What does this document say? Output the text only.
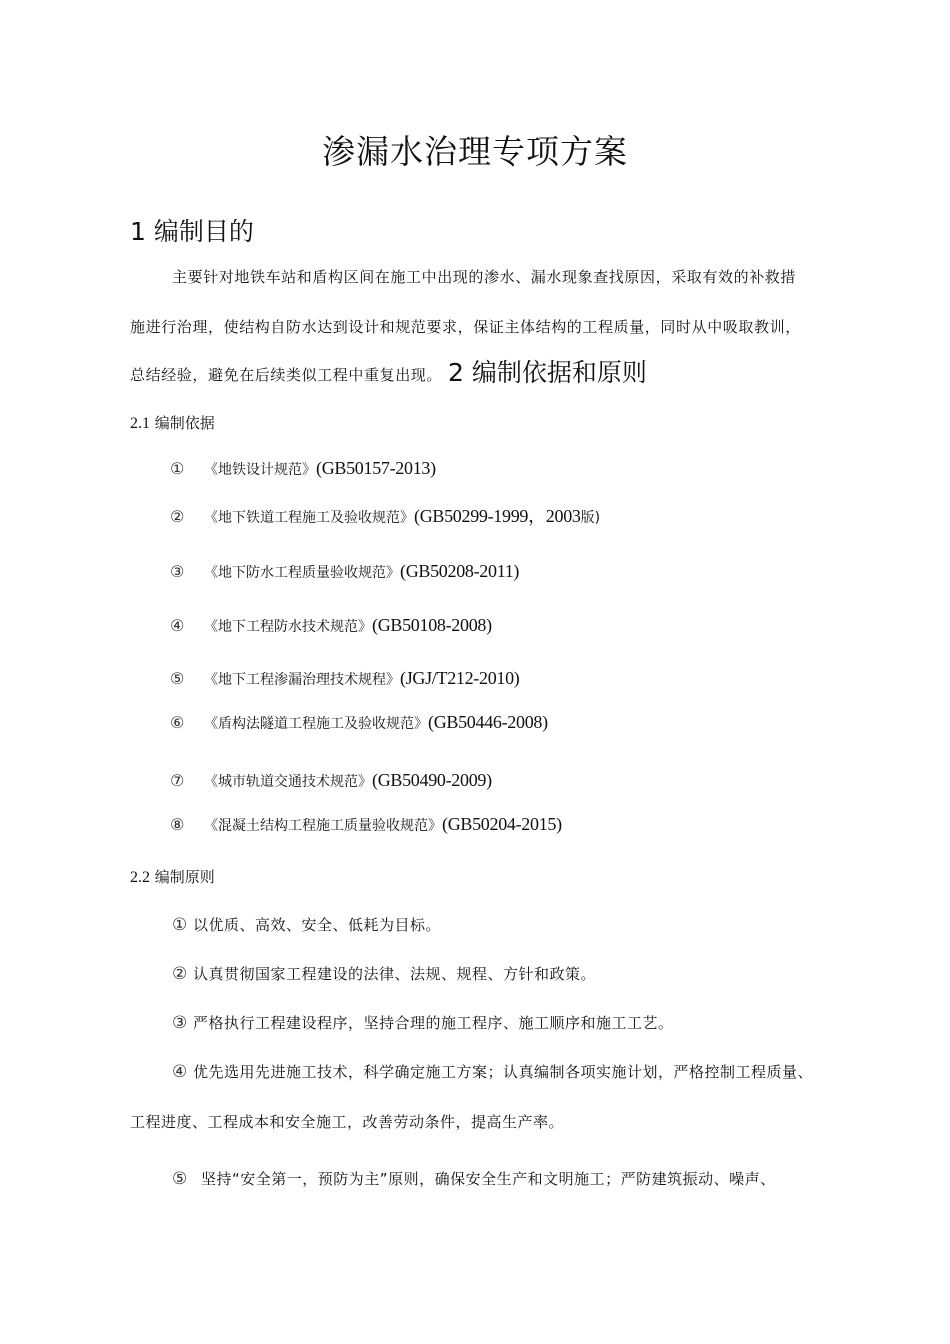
渗漏水治理专项方案
1 编制目的
主要针对地铁车站和盾构区间在施工中出现的渗水、漏水现象查找原因，采取有效的补救措
施进行治理，使结构自防水达到设计和规范要求，保证主体结构的工程质量，同时从中吸取教训，
总结经验，避免在后续类似工程中重复出现。 2 编制依据和原则
2.1 编制依据
① 《地铁设计规范》(GB50157-2013)
② 《地下铁道工程施工及验收规范》(GB50299-1999，2003版)
③ 《地下防水工程质量验收规范》(GB50208-2011)
④ 《地下工程防水技术规范》(GB50108-2008)
⑤ 《地下工程渗漏治理技术规程》(JGJ/T212-2010)
⑥ 《盾构法隧道工程施工及验收规范》(GB50446-2008)
⑦ 《城市轨道交通技术规范》(GB50490-2009)
⑧ 《混凝土结构工程施工质量验收规范》(GB50204-2015)
2.2 编制原则
① 以优质、高效、安全、低耗为目标。
② 认真贯彻国家工程建设的法律、法规、规程、方针和政策。
③ 严格执行工程建设程序，坚持合理的施工程序、施工顺序和施工工艺。
④ 优先选用先进施工技术，科学确定施工方案；认真编制各项实施计划，严格控制工程质量、
工程进度、工程成本和安全施工，改善劳动条件，提高生产率。
⑤ 坚持“安全第一，预防为主”原则，确保安全生产和文明施工；严防建筑振动、噪声、
